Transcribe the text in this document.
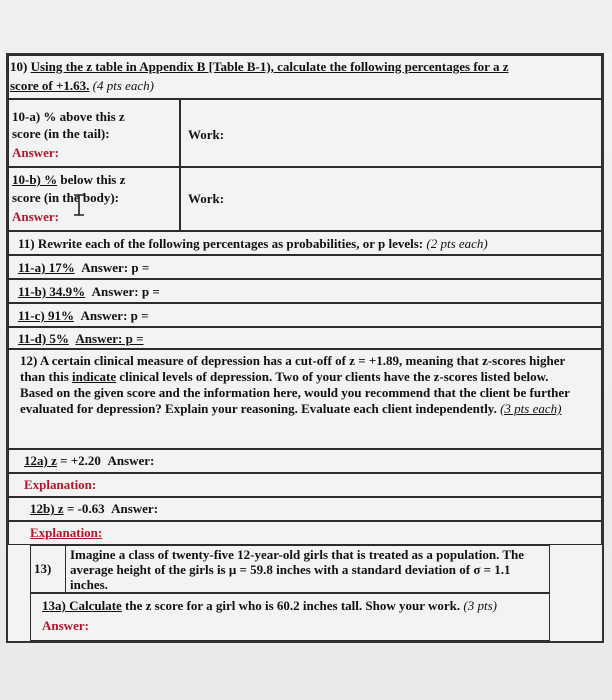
10) Using the z table in Appendix B [Table B-1), calculate the following percentages for a z
score of +1.63. (4 pts each)
10-a) % above this z
score (in the tail):
Answer:
Work:
10-b) % below this z
score (in the body):
Answer:
Work:
11) Rewrite each of the following percentages as probabilities, or p levels: (2 pts each)
11-a) 17% Answer: p =
11-b) 34.9% Answer: p =
11-c) 91% Answer: p =
11-d) 5% Answer: p =
12) A certain clinical measure of depression has a cut-off of z = +1.89, meaning that z-scores higher than this indicate clinical levels of depression. Two of your clients have the z-scores listed below. Based on the given score and the information here, would you recommend that the client be further evaluated for depression? Explain your reasoning. Evaluate each client independently. (3 pts each)
12a) z = +2.20 Answer:
Explanation:
12b) z = -0.63 Answer:
Explanation:
13)
Imagine a class of twenty-five 12-year-old girls that is treated as a population. The average height of the girls is μ = 59.8 inches with a standard deviation of σ = 1.1 inches.
13a) Calculate the z score for a girl who is 60.2 inches tall. Show your work. (3 pts)
Answer:
